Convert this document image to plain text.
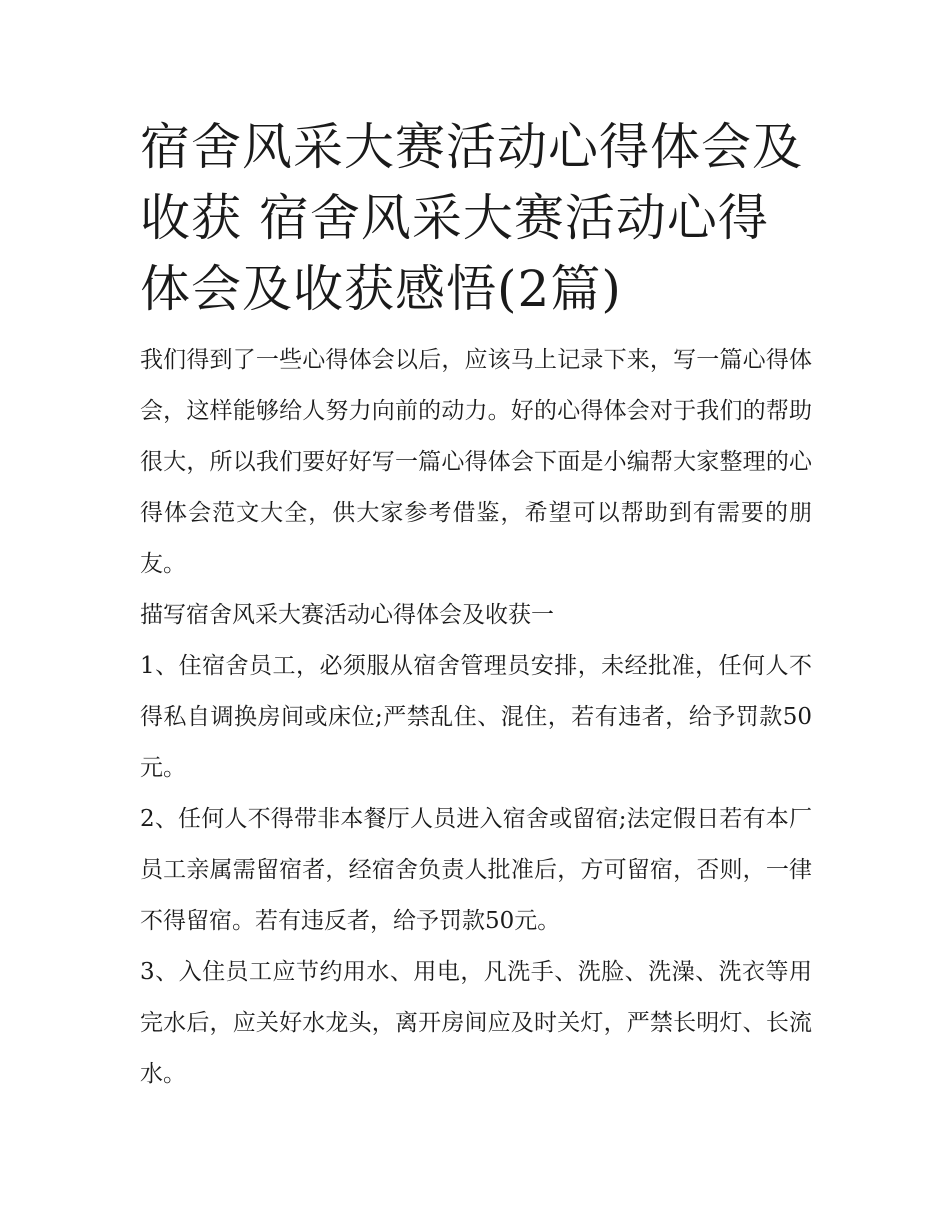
宿舍风采大赛活动心得体会及收获 宿舍风采大赛活动心得体会及收获感悟(2篇)

我们得到了一些心得体会以后，应该马上记录下来，写一篇心得体会，这样能够给人努力向前的动力。好的心得体会对于我们的帮助很大，所以我们要好好写一篇心得体会下面是小编帮大家整理的心得体会范文大全，供大家参考借鉴，希望可以帮助到有需要的朋友。

描写宿舍风采大赛活动心得体会及收获一

1、住宿舍员工，必须服从宿舍管理员安排，未经批准，任何人不得私自调换房间或床位;严禁乱住、混住，若有违者，给予罚款50元。

2、任何人不得带非本餐厅人员进入宿舍或留宿;法定假日若有本厂员工亲属需留宿者，经宿舍负责人批准后，方可留宿，否则，一律不得留宿。若有违反者，给予罚款50元。

3、入住员工应节约用水、用电，凡洗手、洗脸、洗澡、洗衣等用完水后，应关好水龙头，离开房间应及时关灯，严禁长明灯、长流水。
